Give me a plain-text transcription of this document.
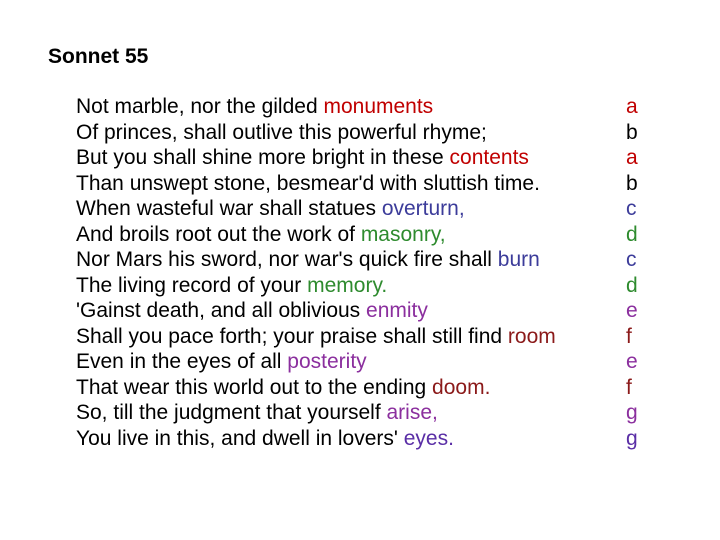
Sonnet 55
Not marble, nor the gilded monuments	a
Of princes, shall outlive this powerful rhyme;	b
But you shall shine more bright in these contents	a
Than unswept stone, besmear'd with sluttish time.	b
When wasteful war shall statues overturn,	c
And broils root out the work of masonry,	d
Nor Mars his sword, nor war's quick fire shall burn	c
The living record of your memory.	d
'Gainst death, and all oblivious enmity	e
Shall you pace forth; your praise shall still find room	f
Even in the eyes of all posterity	e
That wear this world out to the ending doom.	f
So, till the judgment that yourself arise,	g
You live in this, and dwell in lovers' eyes.	g
